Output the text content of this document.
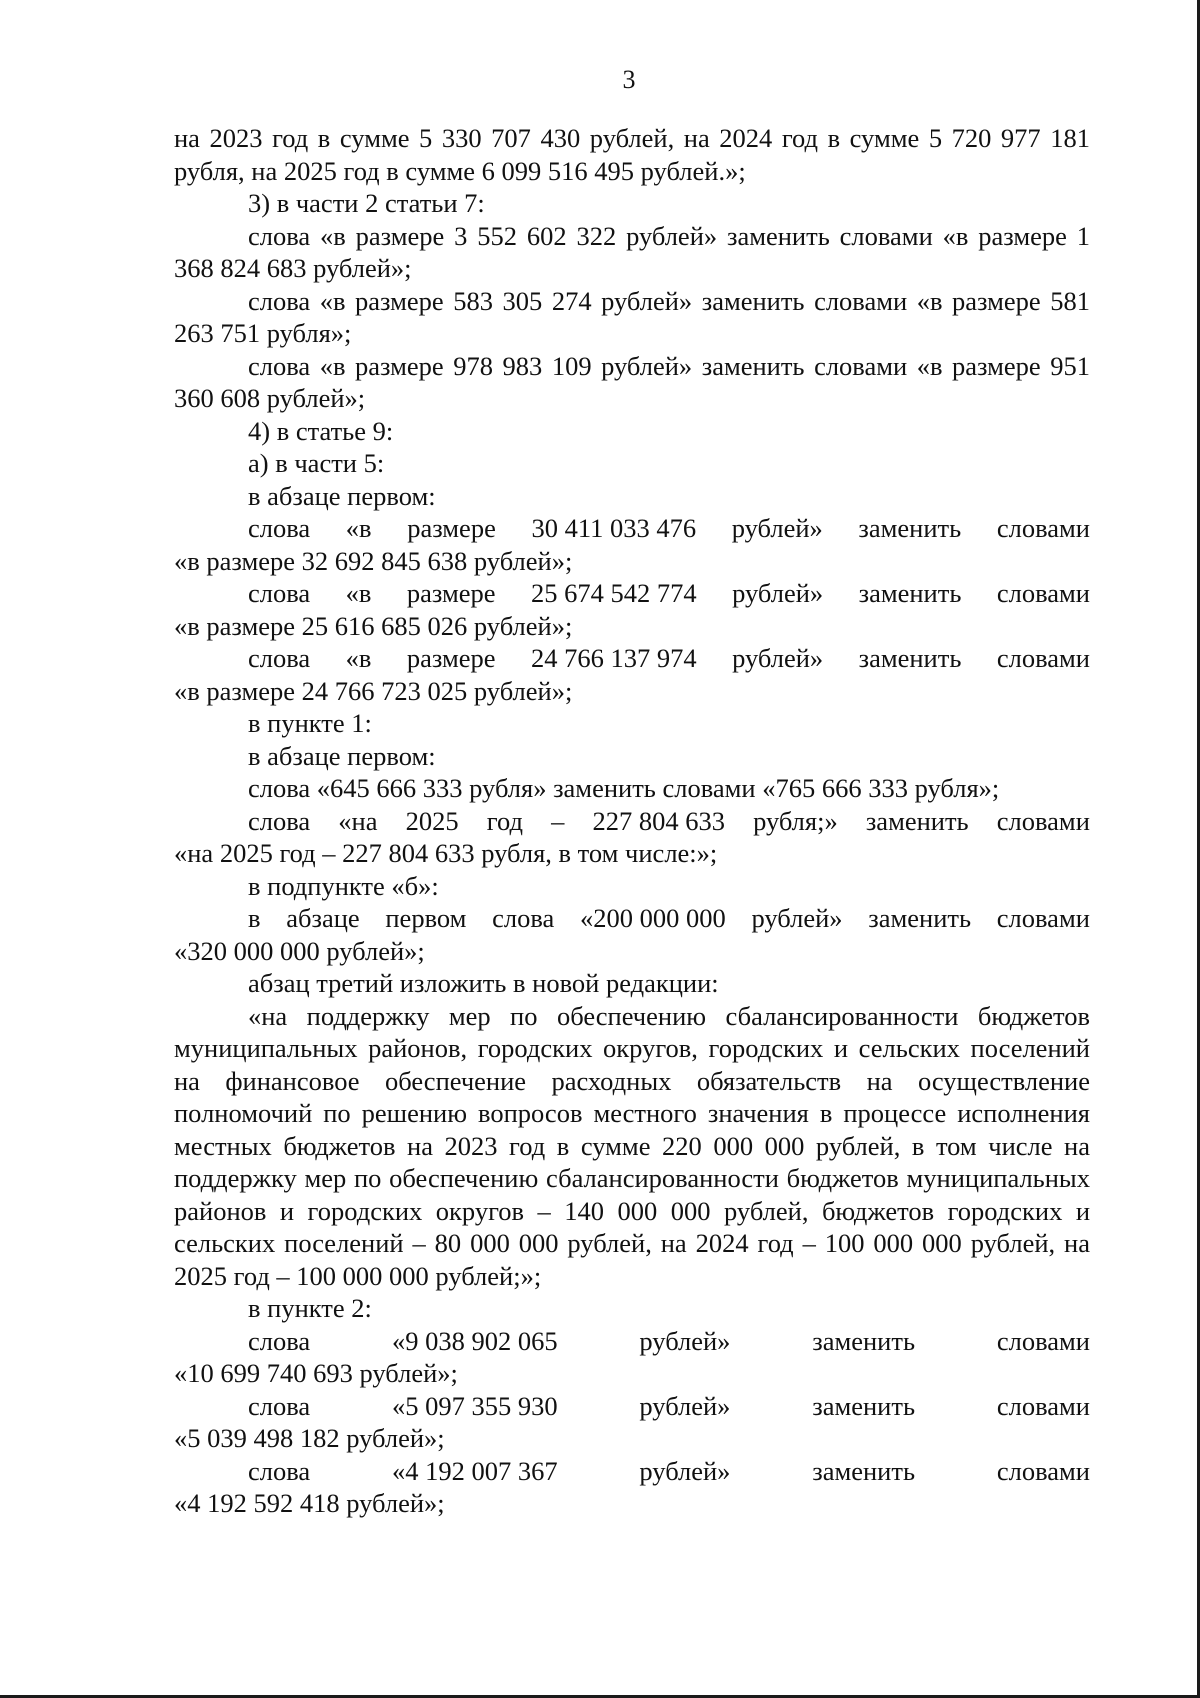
3

на 2023 год в сумме 5 330 707 430 рублей, на 2024 год в сумме 5 720 977 181 рубля, на 2025 год в сумме 6 099 516 495 рублей.»;

3) в части 2 статьи 7:

слова «в размере 3 552 602 322 рублей» заменить словами «в размере 1 368 824 683 рублей»;

слова «в размере 583 305 274 рублей» заменить словами «в размере 581 263 751 рубля»;

слова «в размере 978 983 109 рублей» заменить словами «в размере 951 360 608 рублей»;

4) в статье 9:

а) в части 5:

в абзаце первом:

слова «в размере 30 411 033 476 рублей» заменить словами
«в размере 32 692 845 638 рублей»;
слова «в размере 25 674 542 774 рублей» заменить словами
«в размере 25 616 685 026 рублей»;
слова «в размере 24 766 137 974 рублей» заменить словами
«в размере 24 766 723 025 рублей»;

в пункте 1:

в абзаце первом:

слова «645 666 333 рубля» заменить словами «765 666 333 рубля»;

слова «на 2025 год – 227 804 633 рубля;» заменить словами
«на 2025 год – 227 804 633 рубля, в том числе:»;

в подпункте «б»:

в абзаце первом слова «200 000 000 рублей» заменить словами
«320 000 000 рублей»;

абзац третий изложить в новой редакции:

«на поддержку мер по обеспечению сбалансированности бюджетов муниципальных районов, городских округов, городских и сельских поселений на финансовое обеспечение расходных обязательств на осуществление полномочий по решению вопросов местного значения в процессе исполнения местных бюджетов на 2023 год в сумме 220 000 000 рублей, в том числе на поддержку мер по обеспечению сбалансированности бюджетов муниципальных районов и городских округов – 140 000 000 рублей, бюджетов городских и сельских поселений – 80 000 000 рублей, на 2024 год – 100 000 000 рублей, на 2025 год – 100 000 000 рублей;»;

в пункте 2:

слова	«9 038 902 065	рублей»	заменить	словами
«10 699 740 693 рублей»;
слова	«5 097 355 930	рублей»	заменить	словами
«5 039 498 182 рублей»;
слова	«4 192 007 367	рублей»	заменить	словами
«4 192 592 418 рублей»;
